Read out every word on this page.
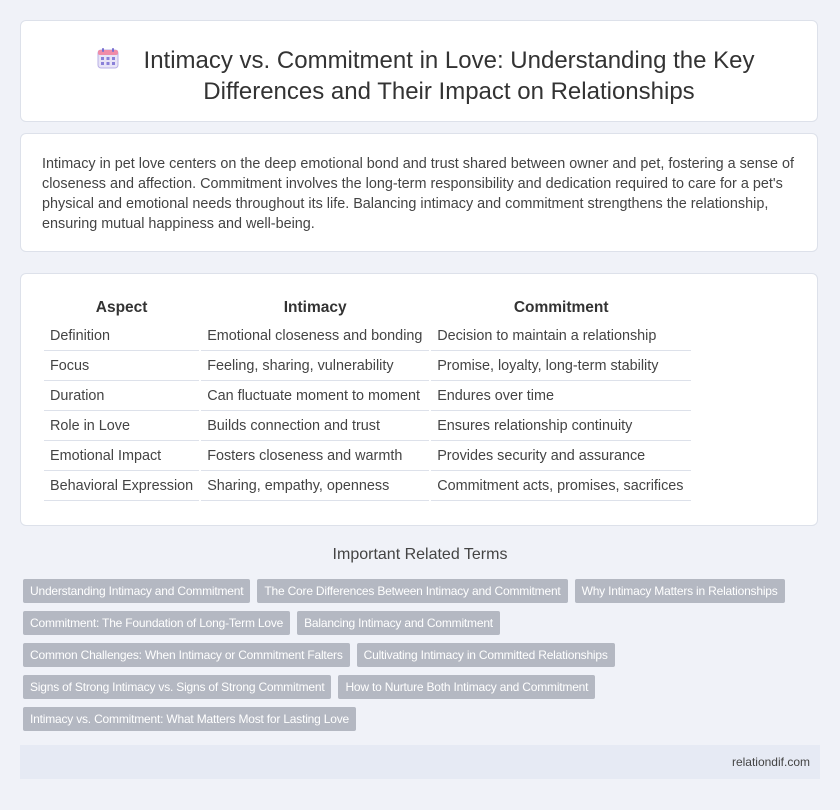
Intimacy vs. Commitment in Love: Understanding the Key Differences and Their Impact on Relationships

Intimacy in pet love centers on the deep emotional bond and trust shared between owner and pet, fostering a sense of closeness and affection. Commitment involves the long-term responsibility and dedication required to care for a pet's physical and emotional needs throughout its life. Balancing intimacy and commitment strengthens the relationship, ensuring mutual happiness and well-being.

Aspect	Intimacy	Commitment
Definition	Emotional closeness and bonding	Decision to maintain a relationship
Focus	Feeling, sharing, vulnerability	Promise, loyalty, long-term stability
Duration	Can fluctuate moment to moment	Endures over time
Role in Love	Builds connection and trust	Ensures relationship continuity
Emotional Impact	Fosters closeness and warmth	Provides security and assurance
Behavioral Expression	Sharing, empathy, openness	Commitment acts, promises, sacrifices
Important Related Terms
Understanding Intimacy and Commitment	The Core Differences Between Intimacy and Commitment	Why Intimacy Matters in Relationships
Commitment: The Foundation of Long-Term Love	Balancing Intimacy and Commitment
Common Challenges: When Intimacy or Commitment Falters	Cultivating Intimacy in Committed Relationships
Signs of Strong Intimacy vs. Signs of Strong Commitment	How to Nurture Both Intimacy and Commitment
Intimacy vs. Commitment: What Matters Most for Lasting Love
relationdif.com
